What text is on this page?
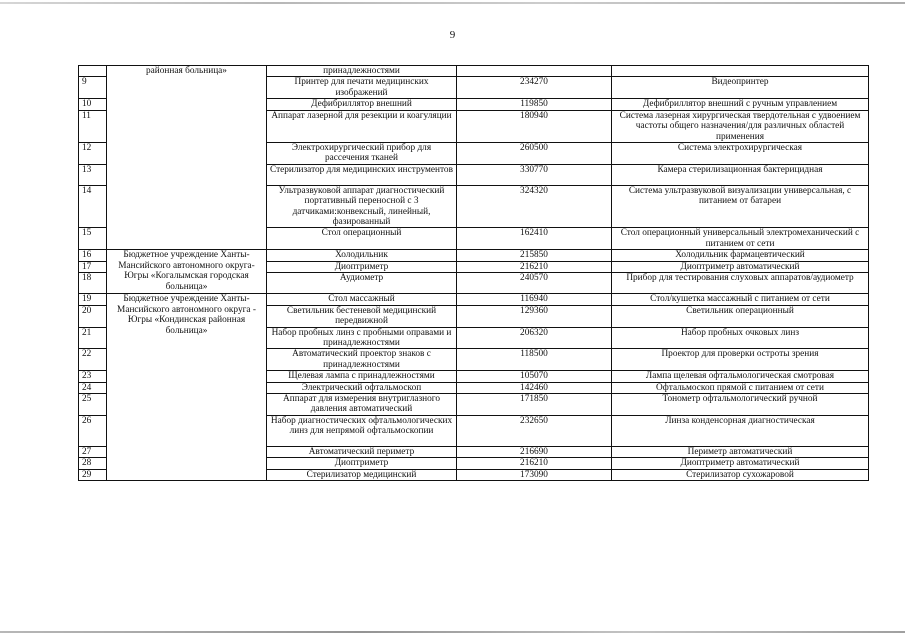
9
	районная больница»	принадлежностями		
9		Принтер для печати медицинских изображений	234270	Видеопринтер
10		Дефибриллятор внешний	119850	Дефибриллятор внешний с ручным управлением
11		Аппарат лазерной для резекции и коагуляции	180940	Система лазерная хирургическая твердотельная с удвоением частоты общего назначения/для различных областей применения
12		Электрохирургический прибор для рассечения тканей	260500	Система электрохирургическая
13		Стерилизатор для медицинских инструментов	330770	Камера стерилизационная бактерицидная
14		Ультразвуковой аппарат диагностический портативный переносной с 3 датчиками:конвексный, линейный, фазированный	324320	Система ультразвуковой визуализации универсальная, с питанием от батареи
15		Стол операционный	162410	Стол операционный универсальный электромеханический с питанием от сети
16	Бюджетное учреждение Ханты-Мансийского автономного округа-Югры «Когалымская городская больница»	Холодильник	215850	Холодильник фармацевтический
17		Диоптриметр	216210	Диоптриметр автоматический
18		Аудиометр	240570	Прибор для тестирования слуховых аппаратов/аудиометр
19	Бюджетное учреждение Ханты-Мансийского автономного округа - Югры «Кондинская районная больница»	Стол массажный	116940	Стол/кушетка массажный с питанием от сети
20		Светильник бестеневой медицинский передвижной	129360	Светильник операционный
21		Набор пробных линз с пробными оправами и принадлежностями	206320	Набор пробных очковых линз
22		Автоматический проектор знаков с принадлежностями	118500	Проектор для проверки остроты зрения
23		Щелевая лампа с принадлежностями	105070	Лампа щелевая офтальмологическая смотровая
24		Электрический офтальмоскоп	142460	Офтальмоскоп прямой с питанием от сети
25		Аппарат для измерения внутриглазного давления автоматический	171850	Тонометр офтальмологический ручной
26		Набор диагностических офтальмологических линз для непрямой офтальмоскопии	232650	Линза конденсорная диагностическая
27		Автоматический периметр	216690	Периметр автоматический
28		Диоптриметр	216210	Диоптриметр автоматический
29		Стерилизатор медицинский	173090	Стерилизатор сухожаровой
